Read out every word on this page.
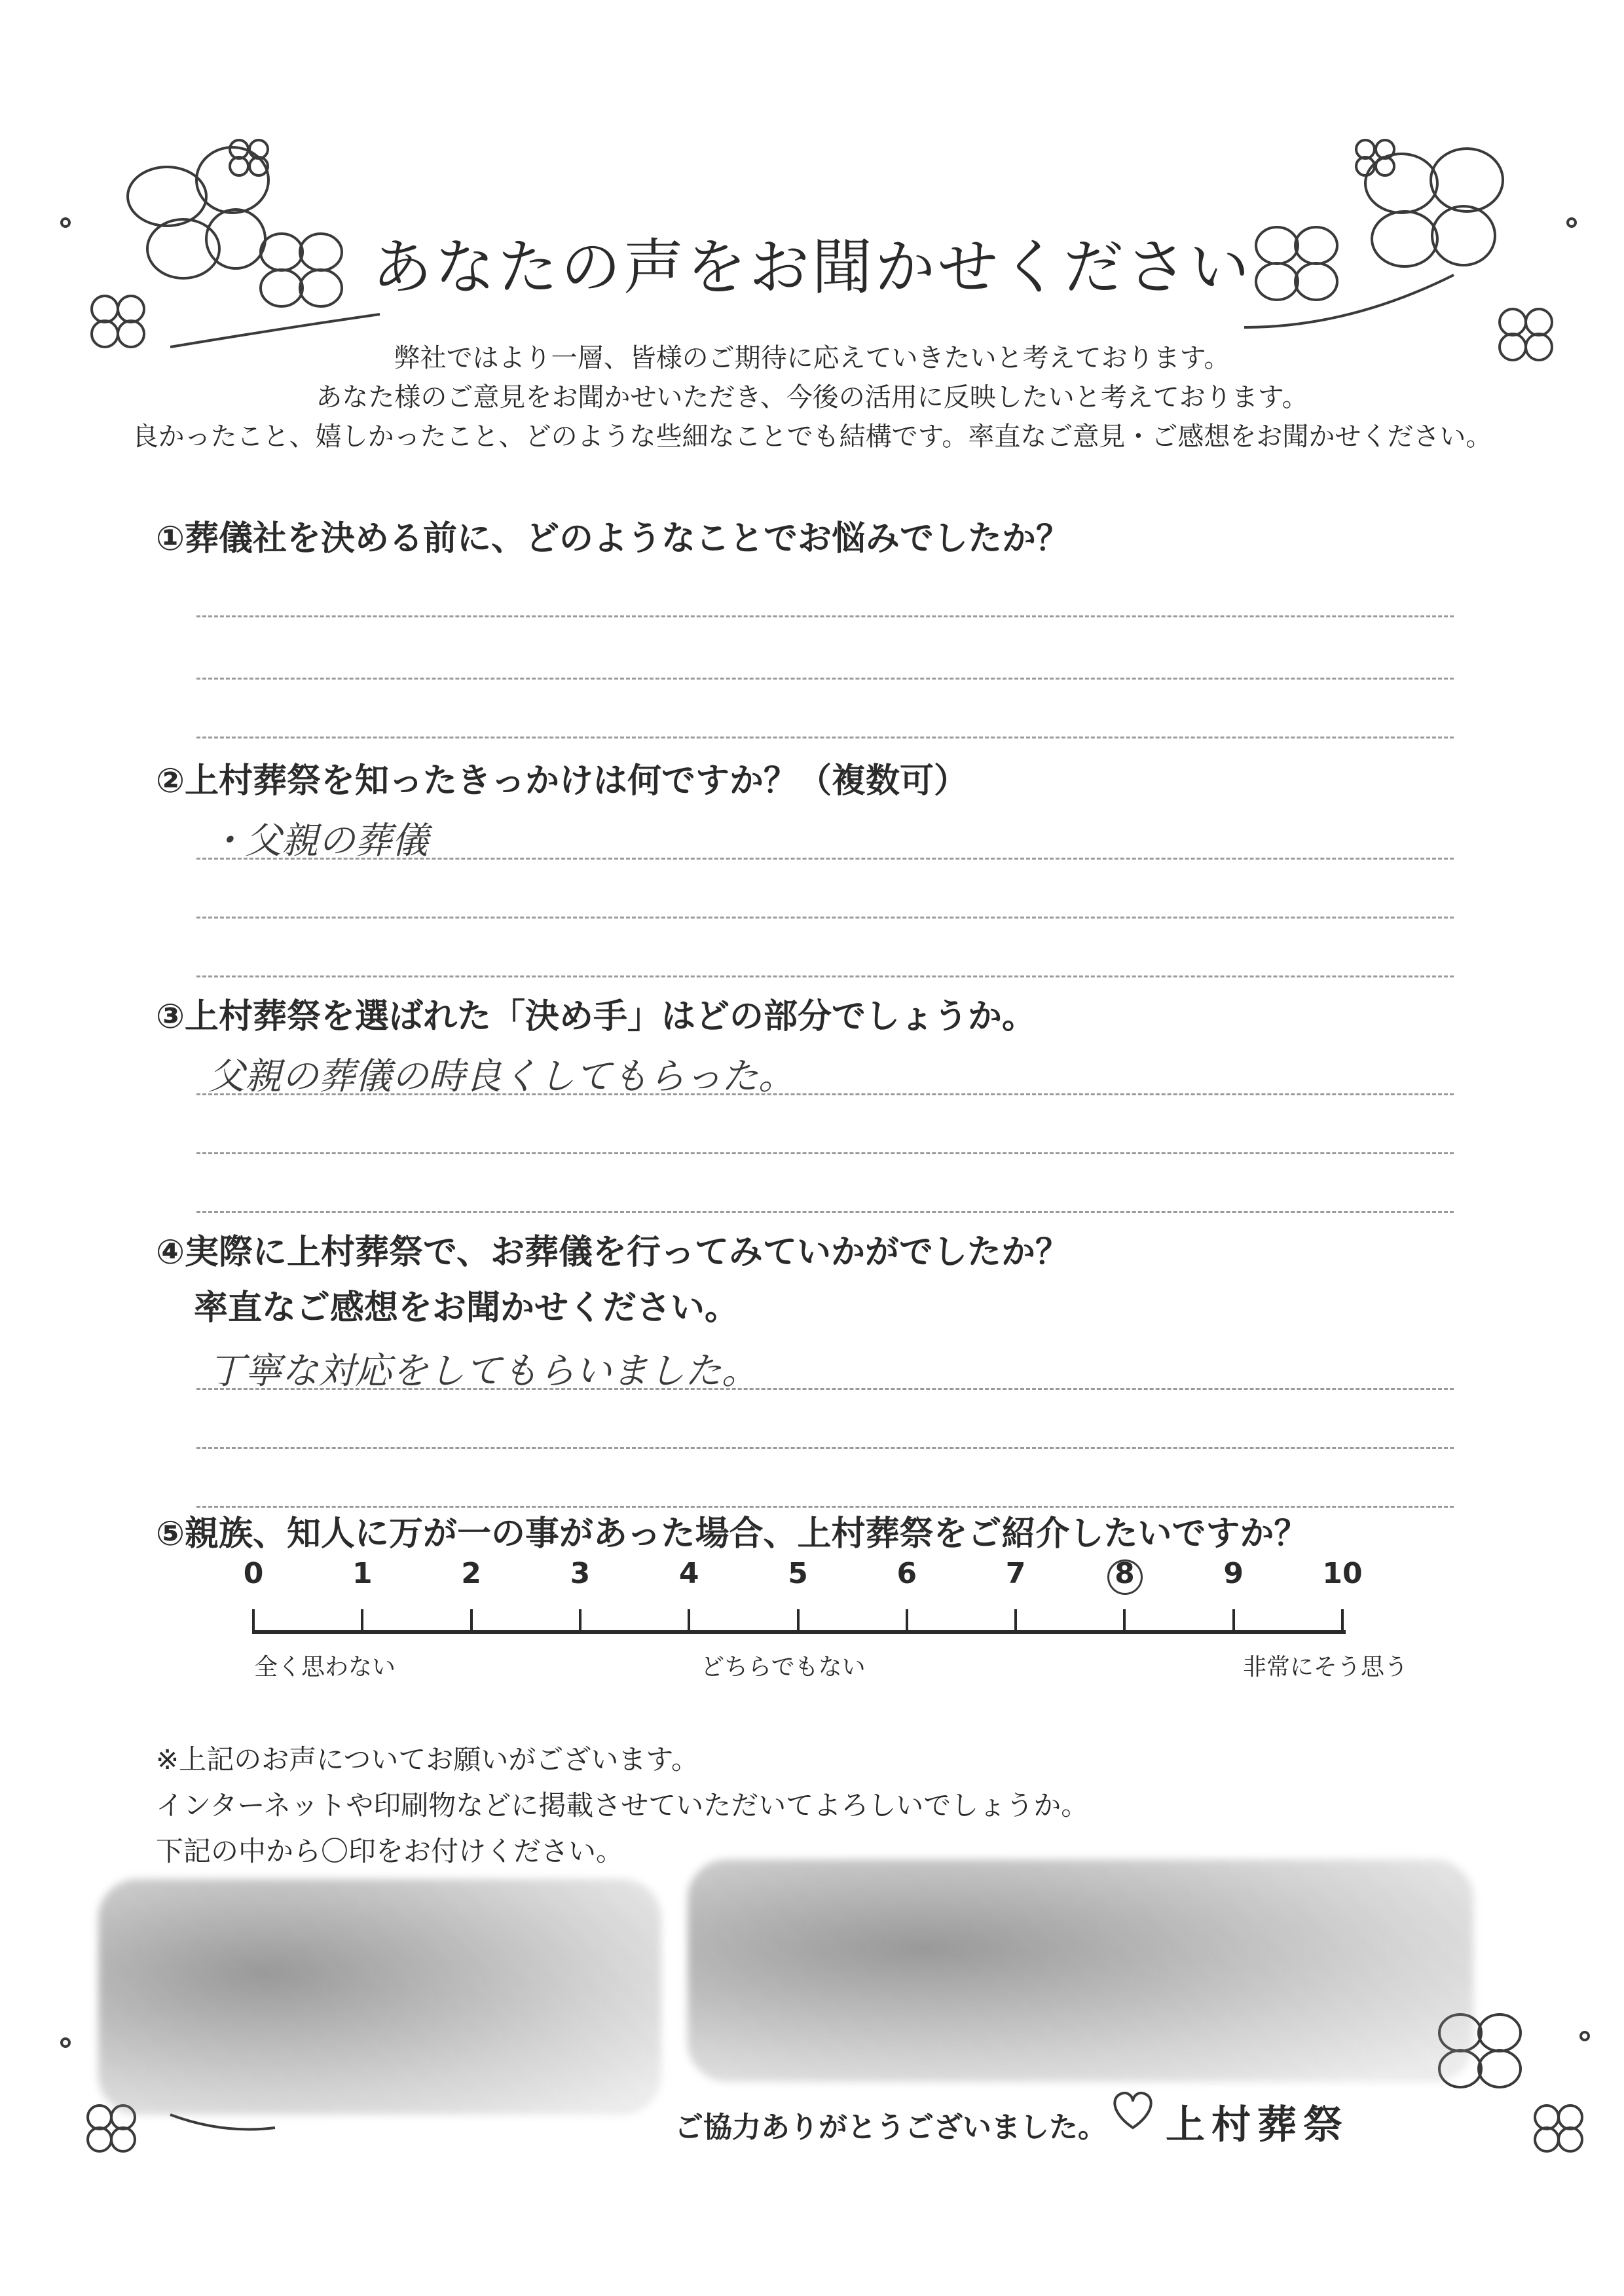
あなたの声をお聞かせください
弊社ではより一層、皆様のご期待に応えていきたいと考えております。
あなた様のご意見をお聞かせいただき、今後の活用に反映したいと考えております。
良かったこと、嬉しかったこと、どのような些細なことでも結構です。率直なご意見・ご感想をお聞かせください。
①葬儀社を決める前に、どのようなことでお悩みでしたか？
②上村葬祭を知ったきっかけは何ですか？（複数可）
・父親の葬儀
③上村葬祭を選ばれた「決め手」はどの部分でしょうか。
父親の葬儀の時良くしてもらった。
④実際に上村葬祭で、お葬儀を行ってみていかがでしたか？
率直なご感想をお聞かせください。
丁寧な対応をしてもらいました。
⑤親族、知人に万が一の事があった場合、上村葬祭をご紹介したいですか？
0	1	2	3	4	5	6	7	8	9	10
全く思わない	どちらでもない	非常にそう思う
※上記のお声についてお願いがございます。
インターネットや印刷物などに掲載させていただいてよろしいでしょうか。
下記の中から〇印をお付けください。
ご協力ありがとうございました。 上村葬祭
